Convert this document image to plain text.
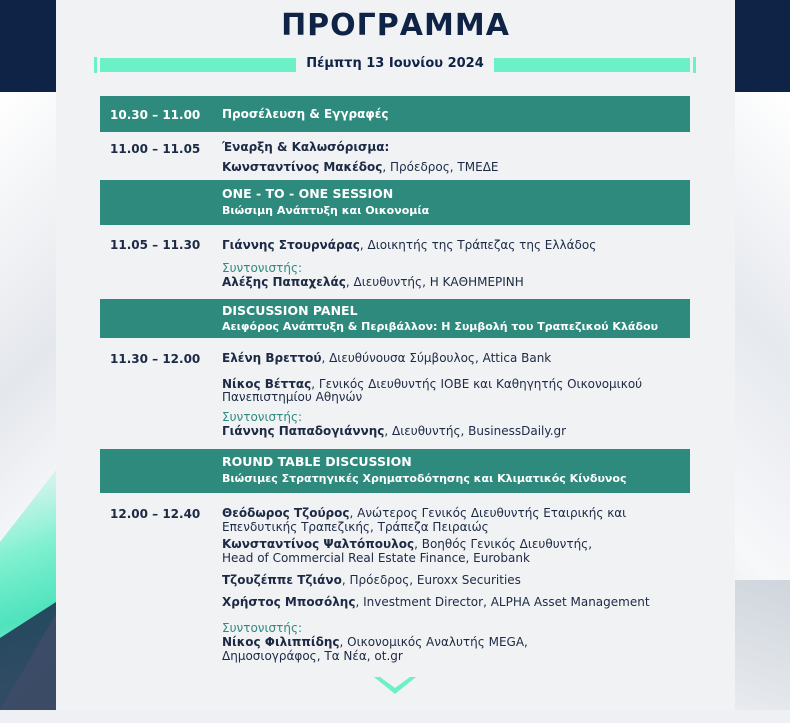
ΠΡΟΓΡΑΜΜΑ
Πέμπτη 13 Ιουνίου 2024
10.30 – 11.00 Προσέλευση & Εγγραφές
11.00 – 11.05 Έναρξη & Καλωσόρισμα:
Κωνσταντίνος Μακέδος, Πρόεδρος, ΤΜΕΔΕ
ONE - TO - ONE SESSION
Βιώσιμη Ανάπτυξη και Οικονομία
11.05 – 11.30 Γιάννης Στουρνάρας, Διοικητής της Τράπεζας της Ελλάδος
Συντονιστής:
Αλέξης Παπαχελάς, Διευθυντής, Η ΚΑΘΗΜΕΡΙΝΗ
DISCUSSION PANEL
Αειφόρος Ανάπτυξη & Περιβάλλον: Η Συμβολή του Τραπεζικού Κλάδου
11.30 – 12.00 Ελένη Βρεττού, Διευθύνουσα Σύμβουλος, Attica Bank
Νίκος Βέττας, Γενικός Διευθυντής ΙΟΒΕ και Καθηγητής Οικονομικού
Πανεπιστημίου Αθηνών
Συντονιστής:
Γιάννης Παπαδογιάννης, Διευθυντής, BusinessDaily.gr
ROUND TABLE DISCUSSION
Βιώσιμες Στρατηγικές Χρηματοδότησης και Κλιματικός Κίνδυνος
12.00 – 12.40 Θεόδωρος Τζούρος, Ανώτερος Γενικός Διευθυντής Εταιρικής και
Επενδυτικής Τραπεζικής, Τράπεζα Πειραιώς
Κωνσταντίνος Ψαλτόπουλος, Βοηθός Γενικός Διευθυντής,
Head of Commercial Real Estate Finance, Eurobank
Τζουζέππε Τζιάνο, Πρόεδρος, Euroxx Securities
Χρήστος Μποσόλης, Investment Director, ALPHA Asset Management
Συντονιστής:
Νίκος Φιλιππίδης, Οικονομικός Αναλυτής MEGA,
Δημοσιογράφος, Τα Νέα, ot.gr
